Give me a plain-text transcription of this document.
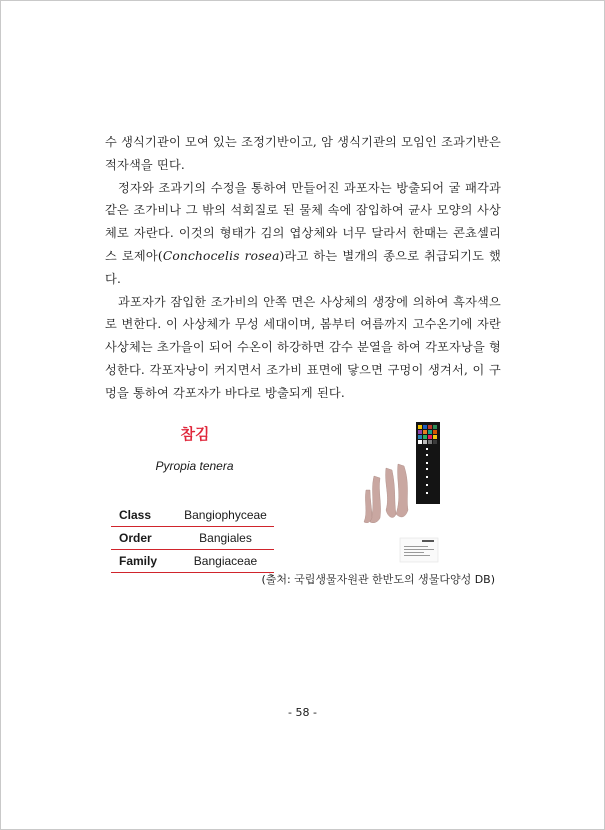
수 생식기관이 모여 있는 조정기반이고, 암 생식기관의 모임인 조과기반은 적자색을 띤다.

정자와 조과기의 수정을 통하여 만들어진 과포자는 방출되어 굴 패각과 같은 조가비나 그 밖의 석회질로 된 물체 속에 잠입하여 균사 모양의 사상체로 자란다. 이것의 형태가 김의 엽상체와 너무 달라서 한때는 콘쵸셀리스 로제아(Conchocelis rosea)라고 하는 별개의 종으로 취급되기도 했다.

과포자가 잠입한 조가비의 안쪽 면은 사상체의 생장에 의하여 흑자색으로 변한다. 이 사상체가 무성 세대이며, 봄부터 여름까지 고수온기에 자란 사상체는 초가을이 되어 수온이 하강하면 감수 분열을 하여 각포자낭을 형성한다. 각포자낭이 커지면서 조가비 표면에 닿으면 구멍이 생겨서, 이 구멍을 통하여 각포자가 바다로 방출되게 된다.

참김
Pyropia tenera
Class	Bangiophyceae
Order	Bangiales
Family	Bangiaceae
(출처: 국립생물자원관 한반도의 생물다양성 DB)
- 58 -
